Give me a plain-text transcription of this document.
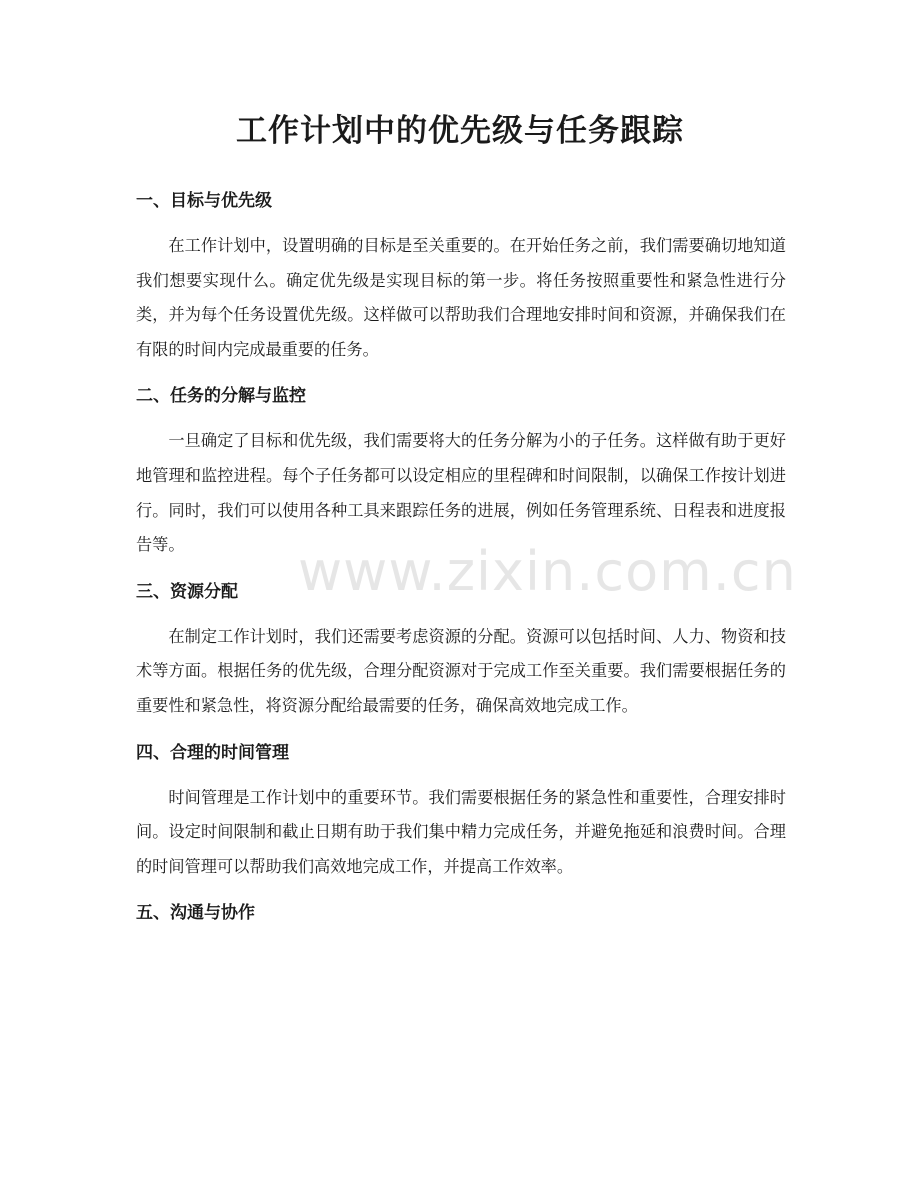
工作计划中的优先级与任务跟踪
一、目标与优先级

在工作计划中，设置明确的目标是至关重要的。在开始任务之前，我们需要确切地知道我们想要实现什么。确定优先级是实现目标的第一步。将任务按照重要性和紧急性进行分类，并为每个任务设置优先级。这样做可以帮助我们合理地安排时间和资源，并确保我们在有限的时间内完成最重要的任务。

二、任务的分解与监控

一旦确定了目标和优先级，我们需要将大的任务分解为小的子任务。这样做有助于更好地管理和监控进程。每个子任务都可以设定相应的里程碑和时间限制，以确保工作按计划进行。同时，我们可以使用各种工具来跟踪任务的进展，例如任务管理系统、日程表和进度报告等。

三、资源分配

在制定工作计划时，我们还需要考虑资源的分配。资源可以包括时间、人力、物资和技术等方面。根据任务的优先级，合理分配资源对于完成工作至关重要。我们需要根据任务的重要性和紧急性，将资源分配给最需要的任务，确保高效地完成工作。

四、合理的时间管理

时间管理是工作计划中的重要环节。我们需要根据任务的紧急性和重要性，合理安排时间。设定时间限制和截止日期有助于我们集中精力完成任务，并避免拖延和浪费时间。合理的时间管理可以帮助我们高效地完成工作，并提高工作效率。

五、沟通与协作
www.zixin.com.cn
